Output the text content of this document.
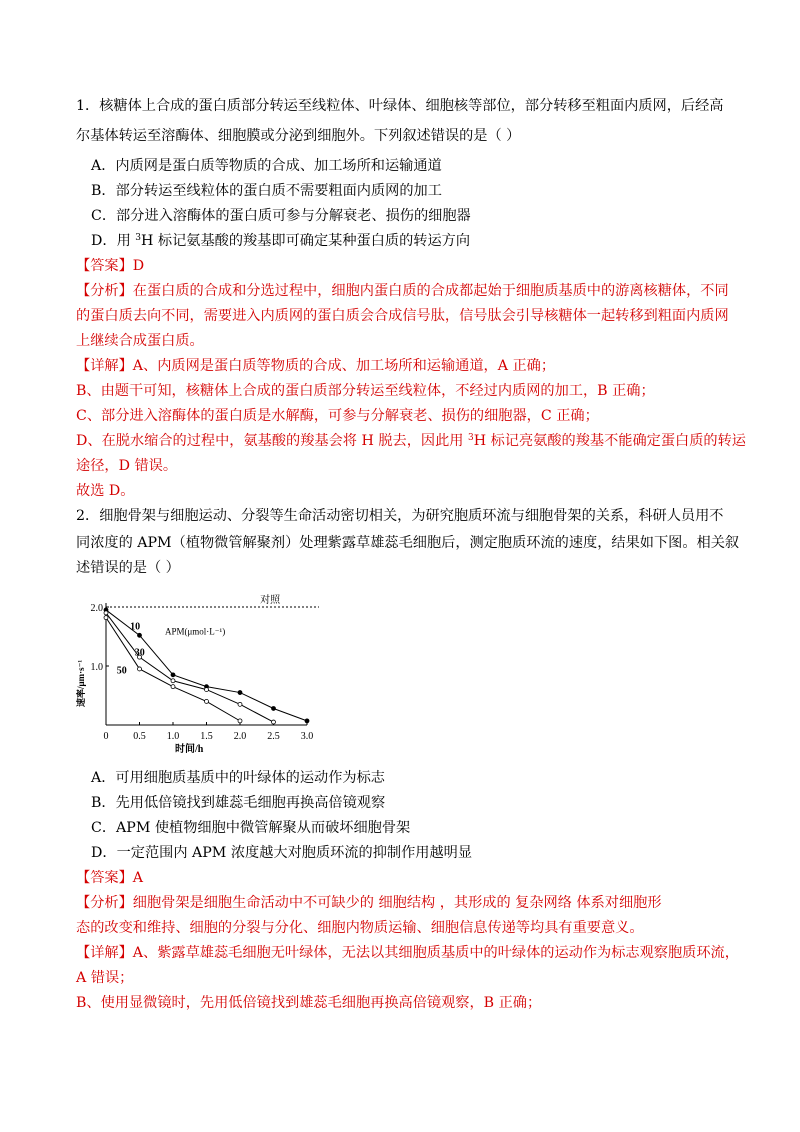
1．核糖体上合成的蛋白质部分转运至线粒体、叶绿体、细胞核等部位，部分转移至粗面内质网，后经高
尔基体转运至溶酶体、细胞膜或分泌到细胞外。下列叙述错误的是（ ）
A．内质网是蛋白质等物质的合成、加工场所和运输通道
B．部分转运至线粒体的蛋白质不需要粗面内质网的加工
C．部分进入溶酶体的蛋白质可参与分解衰老、损伤的细胞器
D．用 $^3$H 标记氨基酸的羧基即可确定某种蛋白质的转运方向
【答案】D
【分析】在蛋白质的合成和分选过程中，细胞内蛋白质的合成都起始于细胞质基质中的游离核糖体，不同
的蛋白质去向不同，需要进入内质网的蛋白质会合成信号肽，信号肽会引导核糖体一起转移到粗面内质网
上继续合成蛋白质。
【详解】A、内质网是蛋白质等物质的合成、加工场所和运输通道，A 正确；
B、由题干可知，核糖体上合成的蛋白质部分转运至线粒体，不经过内质网的加工，B 正确；
C、部分进入溶酶体的蛋白质是水解酶，可参与分解衰老、损伤的细胞器，C 正确；
D、在脱水缩合的过程中，氨基酸的羧基会将 H 脱去，因此用 $^3$H 标记亮氨酸的羧基不能确定蛋白质的转运
途径，D 错误。
故选 D。
2．细胞骨架与细胞运动、分裂等生命活动密切相关，为研究胞质环流与细胞骨架的关系，科研人员用不
同浓度的 APM（植物微管解聚剂）处理紫露草雄蕊毛细胞后，测定胞质环流的速度，结果如下图。相关叙
述错误的是（ ）
对照
0 0.5 1.0 1.5 2.0 2.5 3.0
1.0
2.0
时间/h
速率/μm·s⁻¹
APM(μmol·L⁻¹)
10
30
50
A．可用细胞质基质中的叶绿体的运动作为标志
B．先用低倍镜找到雄蕊毛细胞再换高倍镜观察
C．APM 使植物细胞中微管解聚从而破坏细胞骨架
D．一定范围内 APM 浓度越大对胞质环流的抑制作用越明显
【答案】A
【分析】细胞骨架是细胞生命活动中不可缺少的 细胞结构 ，其形成的 复杂网络 体系对细胞形
态的改变和维持、细胞的分裂与分化、细胞内物质运输、细胞信息传递等均具有重要意义。
【详解】A、紫露草雄蕊毛细胞无叶绿体，无法以其细胞质基质中的叶绿体的运动作为标志观察胞质环流，
A 错误；
B、使用显微镜时，先用低倍镜找到雄蕊毛细胞再换高倍镜观察，B 正确；
